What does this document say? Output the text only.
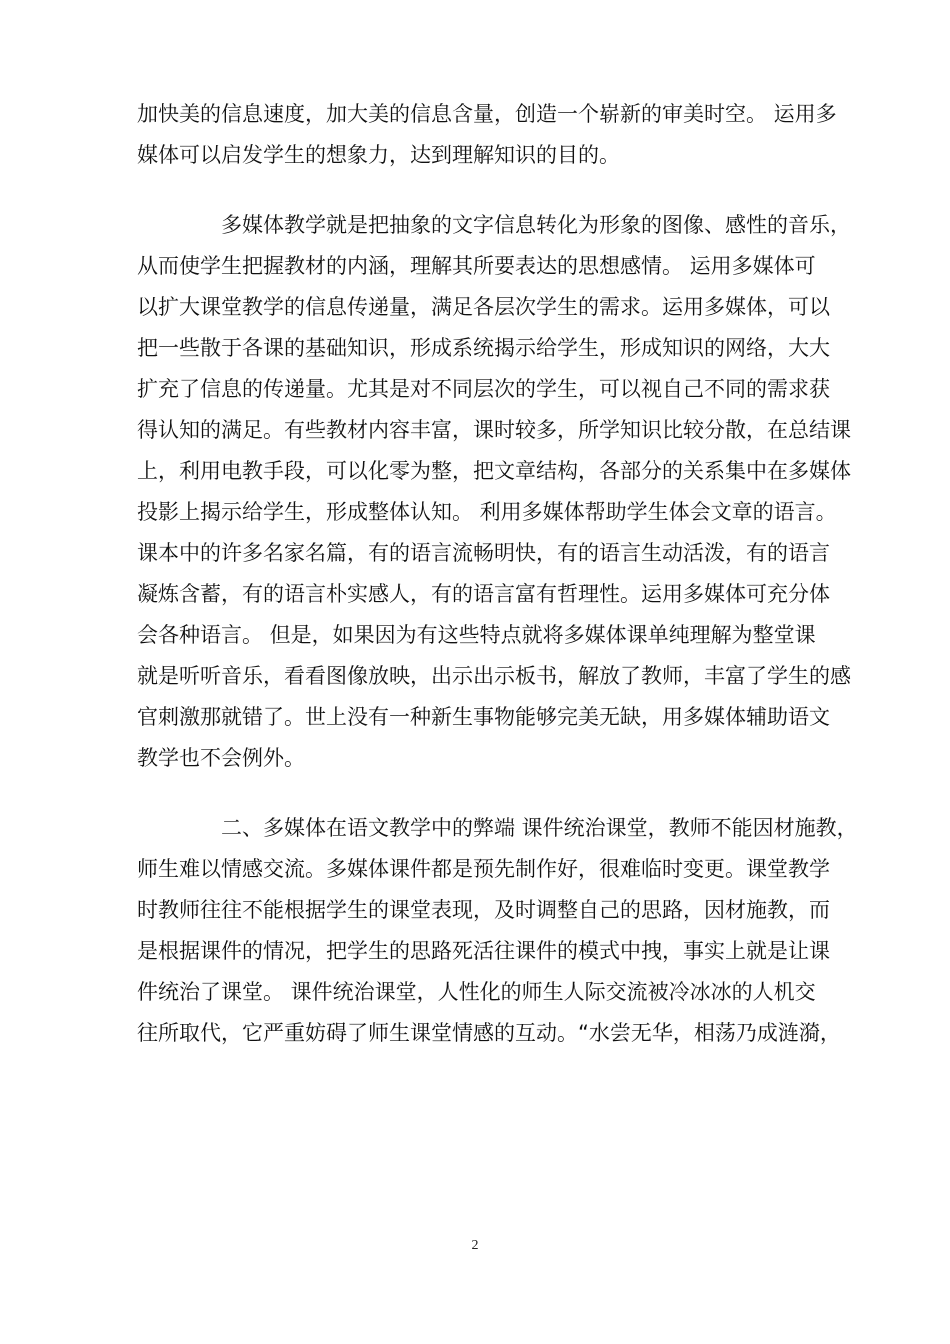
加快美的信息速度，加大美的信息含量，创造一个崭新的审美时空。 运用多
媒体可以启发学生的想象力，达到理解知识的目的。
多媒体教学就是把抽象的文字信息转化为形象的图像、感性的音乐，
从而使学生把握教材的内涵，理解其所要表达的思想感情。 运用多媒体可
以扩大课堂教学的信息传递量，满足各层次学生的需求。运用多媒体，可以
把一些散于各课的基础知识，形成系统揭示给学生，形成知识的网络，大大
扩充了信息的传递量。尤其是对不同层次的学生，可以视自己不同的需求获
得认知的满足。有些教材内容丰富，课时较多，所学知识比较分散，在总结课
上，利用电教手段，可以化零为整，把文章结构，各部分的关系集中在多媒体
投影上揭示给学生，形成整体认知。 利用多媒体帮助学生体会文章的语言。
课本中的许多名家名篇，有的语言流畅明快，有的语言生动活泼，有的语言
凝炼含蓄，有的语言朴实感人，有的语言富有哲理性。运用多媒体可充分体
会各种语言。 但是，如果因为有这些特点就将多媒体课单纯理解为整堂课
就是听听音乐，看看图像放映，出示出示板书，解放了教师，丰富了学生的感
官刺激那就错了。世上没有一种新生事物能够完美无缺，用多媒体辅助语文
教学也不会例外。
二、多媒体在语文教学中的弊端 课件统治课堂，教师不能因材施教，
师生难以情感交流。多媒体课件都是预先制作好，很难临时变更。课堂教学
时教师往往不能根据学生的课堂表现，及时调整自己的思路，因材施教，而
是根据课件的情况，把学生的思路死活往课件的模式中拽，事实上就是让课
件统治了课堂。 课件统治课堂，人性化的师生人际交流被冷冰冰的人机交
往所取代，它严重妨碍了师生课堂情感的互动。“水尝无华，相荡乃成涟漪，
2
